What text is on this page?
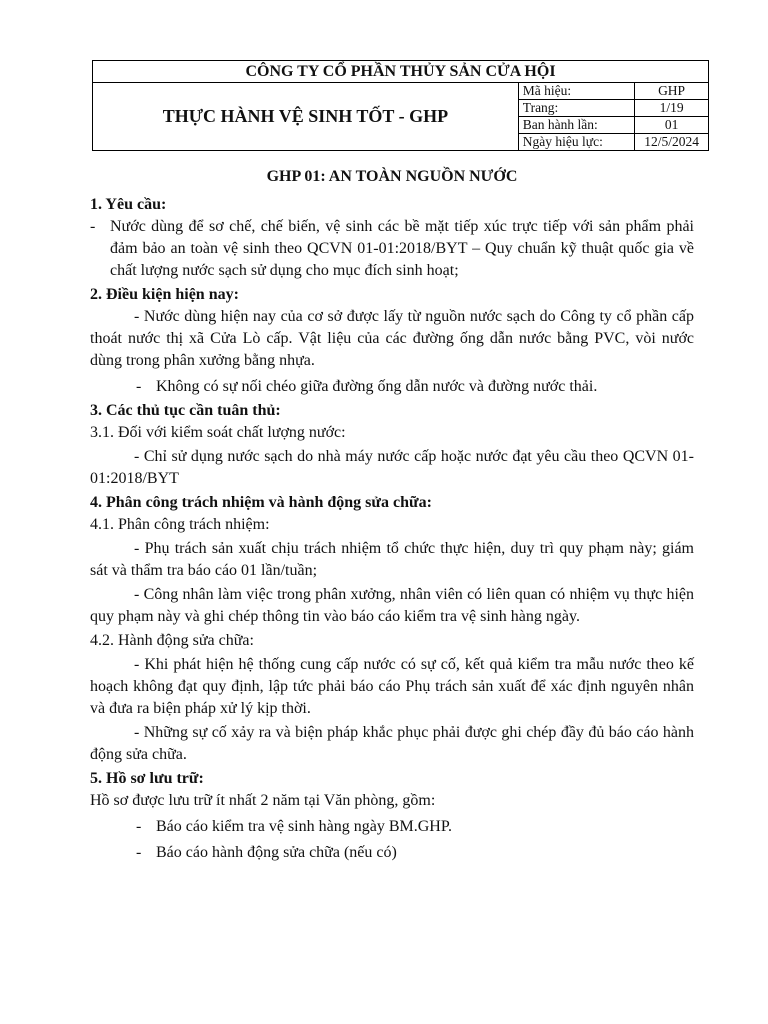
CÔNG TY CỔ PHẦN THỦY SẢN CỬA HỘI		
THỰC HÀNH VỆ SINH TỐT - GHP	Mã hiệu:	GHP
	Trang:	1/19
	Ban hành lần:	01
	Ngày hiệu lực:	12/5/2024

GHP 01: AN TOÀN NGUỒN NƯỚC

1. Yêu cầu:

- Nước dùng để sơ chế, chế biến, vệ sinh các bề mặt tiếp xúc trực tiếp với sản phẩm phải đảm bảo an toàn vệ sinh theo QCVN 01-01:2018/BYT – Quy chuẩn kỹ thuật quốc gia về chất lượng nước sạch sử dụng cho mục đích sinh hoạt;

2. Điều kiện hiện nay:

- Nước dùng hiện nay của cơ sở được lấy từ nguồn nước sạch do Công ty cổ phần cấp thoát nước thị xã Cửa Lò cấp. Vật liệu của các đường ống dẫn nước bằng PVC, vòi nước dùng trong phân xưởng bằng nhựa.

- Không có sự nối chéo giữa đường ống dẫn nước và đường nước thải.

3. Các thủ tục cần tuân thủ:

3.1. Đối với kiểm soát chất lượng nước:

- Chỉ sử dụng nước sạch do nhà máy nước cấp hoặc nước đạt yêu cầu theo QCVN 01-01:2018/BYT

4. Phân công trách nhiệm và hành động sửa chữa:

4.1. Phân công trách nhiệm:

- Phụ trách sản xuất chịu trách nhiệm tổ chức thực hiện, duy trì quy phạm này; giám sát và thẩm tra báo cáo 01 lần/tuần;

- Công nhân làm việc trong phân xưởng, nhân viên có liên quan có nhiệm vụ thực hiện quy phạm này và ghi chép thông tin vào báo cáo kiểm tra vệ sinh hàng ngày.

4.2. Hành động sửa chữa:

- Khi phát hiện hệ thống cung cấp nước có sự cố, kết quả kiểm tra mẫu nước theo kế hoạch không đạt quy định, lập tức phải báo cáo Phụ trách sản xuất để xác định nguyên nhân và đưa ra biện pháp xử lý kịp thời.

- Những sự cố xảy ra và biện pháp khắc phục phải được ghi chép đầy đủ báo cáo hành động sửa chữa.

5. Hồ sơ lưu trữ:

Hồ sơ được lưu trữ ít nhất 2 năm tại Văn phòng, gồm:

- Báo cáo kiểm tra vệ sinh hàng ngày BM.GHP.
- Báo cáo hành động sửa chữa (nếu có)
